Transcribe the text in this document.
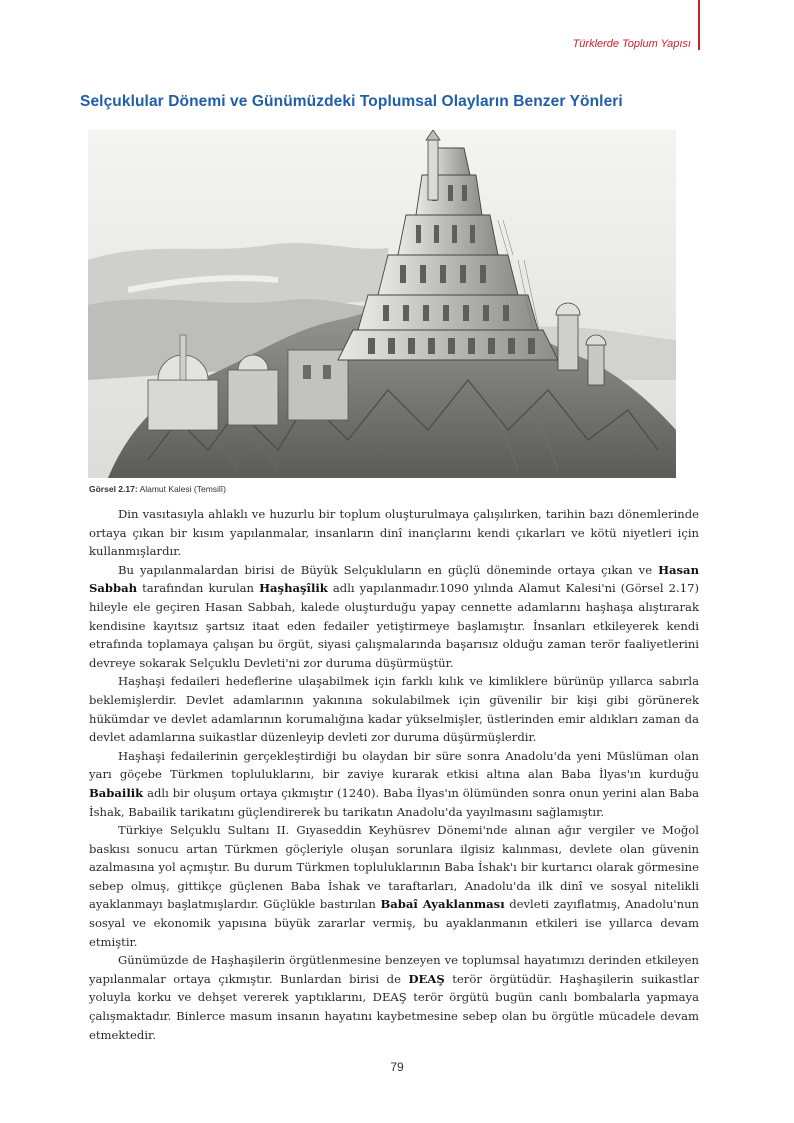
Türklerde Toplum Yapısı
Selçuklular Dönemi ve Günümüzdeki Toplumsal Olayların Benzer Yönleri
Görsel 2.17: Alamut Kalesi (Temsilî)

Din vasıtasıyla ahlaklı ve huzurlu bir toplum oluşturulmaya çalışılırken, tarihin bazı dönemlerinde ortaya çıkan bir kısım yapılanmalar, insanların dinî inançlarını kendi çıkarları ve kötü niyetleri için kullanmışlardır.

Bu yapılanmalardan birisi de Büyük Selçukluların en güçlü döneminde ortaya çıkan ve Hasan Sabbah tarafından kurulan Haşhaşîlik adlı yapılanmadır.1090 yılında Alamut Kalesi'ni (Görsel 2.17) hileyle ele geçiren Hasan Sabbah, kalede oluşturduğu yapay cennette adamlarını haşhaşa alıştırarak kendisine kayıtsız şartsız itaat eden fedailer yetiştirmeye başlamıştır. İnsanları etkileyerek kendi etrafında toplamaya çalışan bu örgüt, siyasi çalışmalarında başarısız olduğu zaman terör faaliyetlerini devreye sokarak Selçuklu Devleti'ni zor duruma düşürmüştür.

Haşhaşi fedaileri hedeflerine ulaşabilmek için farklı kılık ve kimliklere bürünüp yıllarca sabırla beklemişlerdir. Devlet adamlarının yakınına sokulabilmek için güvenilir bir kişi gibi görünerek hükümdar ve devlet adamlarının korumalığına kadar yükselmişler, üstlerinden emir aldıkları zaman da devlet adamlarına suikastlar düzenleyip devleti zor duruma düşürmüşlerdir.

Haşhaşi fedailerinin gerçekleştirdiği bu olaydan bir süre sonra Anadolu'da yeni Müslüman olan yarı göçebe Türkmen topluluklarını, bir zaviye kurarak etkisi altına alan Baba İlyas'ın kurduğu Babailik adlı bir oluşum ortaya çıkmıştır (1240). Baba İlyas'ın ölümünden sonra onun yerini alan Baba İshak, Babailik tarikatını güçlendirerek bu tarikatın Anadolu'da yayılmasını sağlamıştır.

Türkiye Selçuklu Sultanı II. Gıyaseddin Keyhüsrev Dönemi'nde alınan ağır vergiler ve Moğol baskısı sonucu artan Türkmen göçleriyle oluşan sorunlara ilgisiz kalınması, devlete olan güvenin azalmasına yol açmıştır. Bu durum Türkmen topluluklarının Baba İshak'ı bir kurtarıcı olarak görmesine sebep olmuş, gittikçe güçlenen Baba İshak ve taraftarları, Anadolu'da ilk dinî ve sosyal nitelikli ayaklanmayı başlatmışlardır. Güçlükle bastırılan Babaî Ayaklanması devleti zayıflatmış, Anadolu'nun sosyal ve ekonomik yapısına büyük zararlar vermiş, bu ayaklanmanın etkileri ise yıllarca devam etmiştir.

Günümüzde de Haşhaşilerin örgütlenmesine benzeyen ve toplumsal hayatımızı derinden etkileyen yapılanmalar ortaya çıkmıştır. Bunlardan birisi de DEAŞ terör örgütüdür. Haşhaşilerin suikastlar yoluyla korku ve dehşet vererek yaptıklarını, DEAŞ terör örgütü bugün canlı bombalarla yapmaya çalışmaktadır. Binlerce masum insanın hayatını kaybetmesine sebep olan bu örgütle mücadele devam etmektedir.

79
